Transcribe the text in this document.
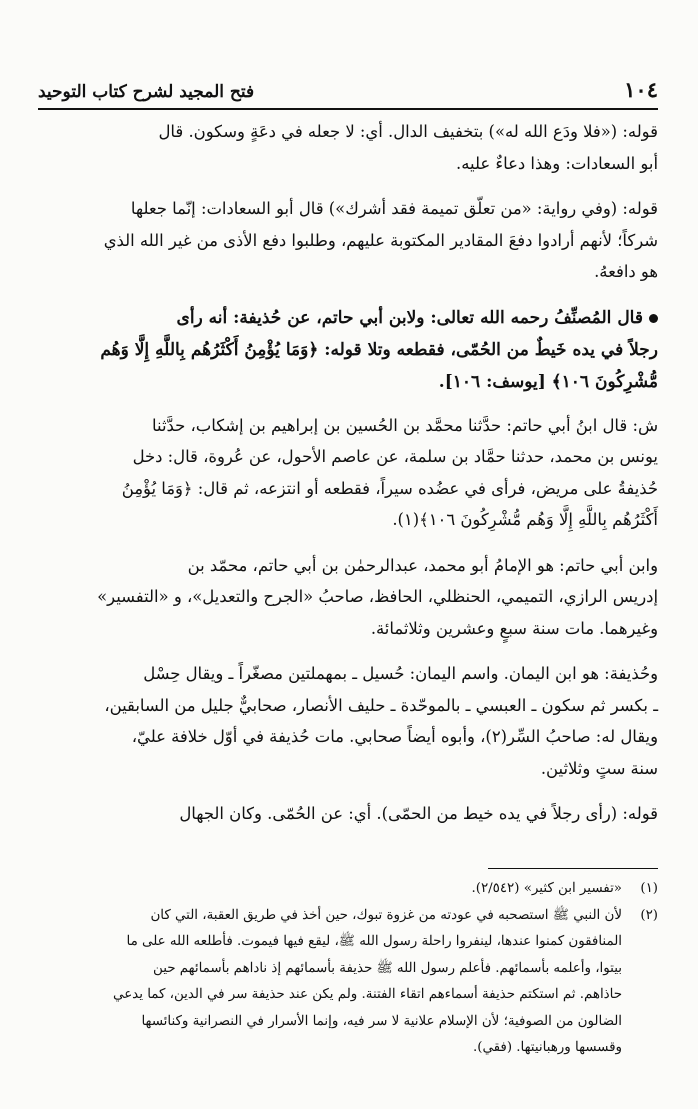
١٠٤
فتح المجيد لشرح كتاب التوحيد

قوله: («فلا ودَع الله له») بتخفيف الدال. أي: لا جعله في دعَةٍ وسكون. قال
أبو السعادات: وهذا دعاءٌ عليه.

قوله: (وفي رواية: «من تعلّق تميمة فقد أشرك») قال أبو السعادات: إنّما جعلها
شركاً؛ لأنهم أرادوا دفعَ المقادير المكتوبة عليهم، وطلبوا دفع الأذى من غير الله الذي
هو دافعهُ.

قال المُصنِّفُ رحمه الله تعالى: ولابن أبي حاتم، عن حُذيفة: أنه رأى
رجلاً في يده خَيطٌ من الحُمّى، فقطعه وتلا قوله: ﴿وَمَا يُؤْمِنُ أَكْثَرُهُم بِاللَّهِ إِلَّا وَهُم
مُّشْرِكُونَ ١٠٦﴾ [يوسف: ١٠٦].

ش: قال ابنُ أبي حاتم: حدَّثنا محمَّد بن الحُسين بن إبراهيم بن إشكاب، حدَّثنا
يونس بن محمد، حدثنا حمَّاد بن سلمة، عن عاصم الأحول، عن عُروة، قال: دخل
حُذيفةُ على مريض، فرأى في عضُده سيراً، فقطعه أو انتزعه، ثم قال: ﴿وَمَا يُؤْمِنُ
أَكْثَرُهُم بِاللَّهِ إِلَّا وَهُم مُّشْرِكُونَ ١٠٦﴾(١).

وابن أبي حاتم: هو الإمامُ أبو محمد، عبدالرحمٰن بن أبي حاتم، محمّد بن
إدريس الرازي، التميمي، الحنظلي، الحافظ، صاحبُ «الجرح والتعديل»، و «التفسير»
وغيرهما. مات سنة سبعٍ وعشرين وثلاثمائة.

وحُذيفة: هو ابن اليمان. واسم اليمان: حُسيل ـ بمهملتين مصغّراً ـ ويقال حِسْل
ـ بكسر ثم سكون ـ العبسي ـ بالموحّدة ـ حليف الأنصار، صحابيٌّ جليل من السابقين،
ويقال له: صاحبُ السِّر(٢)، وأبوه أيضاً صحابي. مات حُذيفة في أوّل خلافة عليّ،
سنة ستٍ وثلاثين.

قوله: (رأى رجلاً في يده خيط من الحمّى). أي: عن الحُمّى. وكان الجهال

(١)
«تفسير ابن كثير» (٢/٥٤٢).
(٢)
لأن النبي ﷺ استصحبه في عودته من غزوة تبوك، حين أخذ في طريق العقبة، التي كان
المنافقون كمنوا عندها، لينفروا راحلة رسول الله ﷺ، ليقع فيها فيموت. فأطلعه الله على ما
بيتوا، وأعلمه بأسمائهم. فأعلم رسول الله ﷺ حذيفة بأسمائهم إذ ناداهم بأسمائهم حين
حاذاهم. ثم استكتم حذيفة أسماءهم اتقاء الفتنة. ولم يكن عند حذيفة سر في الدين، كما يدعي
الضالون من الصوفية؛ لأن الإسلام علانية لا سر فيه، وإنما الأسرار في النصرانية وكنائسها
وقسسها ورهبانيتها. (فقي).
